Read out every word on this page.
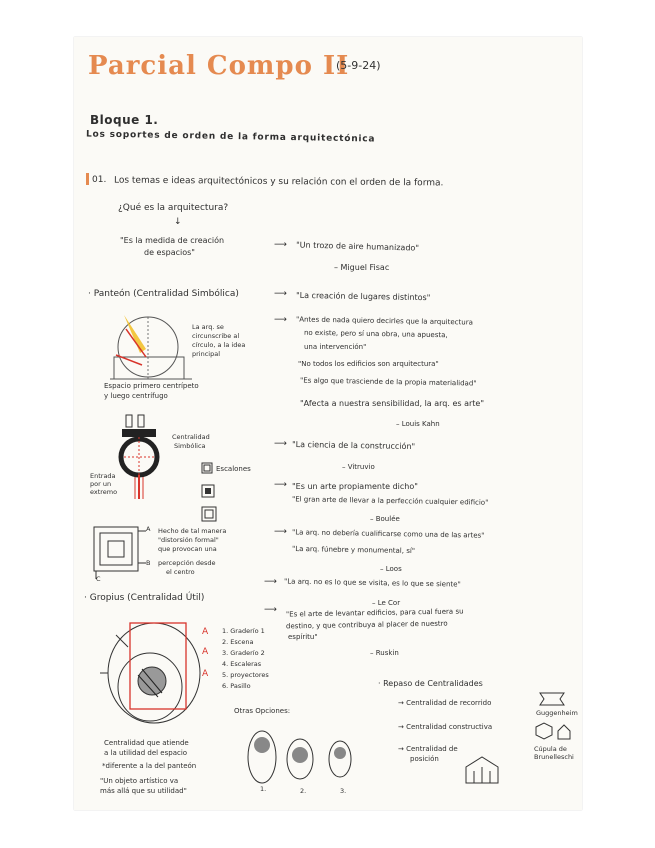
Parcial Compo II
(5-9-24)
Bloque 1.
Los soportes de orden de la forma arquitectónica
01. Los temas e ideas arquitectónicos y su relación con el orden de la forma.
¿Qué es la arquitectura?
↓
"Es la medida de creación
de espacios"
⟶ "Un trozo de aire humanizado"
– Miguel Fisac
· Panteón (Centralidad Simbólica)	⟶ "La creación de lugares distintos"
⟶ "Antes de nada quiero decirles que la arquitectura
no existe, pero sí una obra, una apuesta,
una intervención"
"No todos los edificios son arquitectura"
"Es algo que trasciende de la propia materialidad"
"Afecta a nuestra sensibilidad, la arq. es arte"
– Louis Kahn
La arq. se
circunscribe al
círculo, a la idea
principal
Espacio primero centrípeto
y luego centrífugo
Centralidad
Simbólica
Entrada
por un
extremo
⟶ "La ciencia de la construcción"
– Vitruvio
Escalones
⟶ "Es un arte propiamente dicho"
"El gran arte de llevar a la perfección cualquier edificio"
– Boulée
A
B
C
Hecho de tal manera
"distorsión formal"
que provocan una
percepción desde
el centro
⟶ "La arq. no debería cualificarse como una de las artes"
"La arq. fúnebre y monumental, sí"
– Loos
⟶ "La arq. no es lo que se visita, es lo que se siente"
– Le Cor
· Gropius (Centralidad Útil)
⟶ "Es el arte de levantar edificios, para cual fuera su
destino, y que contribuya al placer de nuestro
espíritu"
– Ruskin
A
A
A
1. Graderío 1
2. Escena
3. Graderío 2
4. Escaleras
5. proyectores
6. Pasillo
Centralidad que atiende
a la utilidad del espacio
*diferente a la del panteón
"Un objeto artístico va
más allá que su utilidad"
Otras Opciones:
1.	2.	3.
· Repaso de Centralidades
→ Centralidad de recorrido
→ Centralidad constructiva
→ Centralidad de
posición
Guggenheim
Cúpula de
Brunelleschi
